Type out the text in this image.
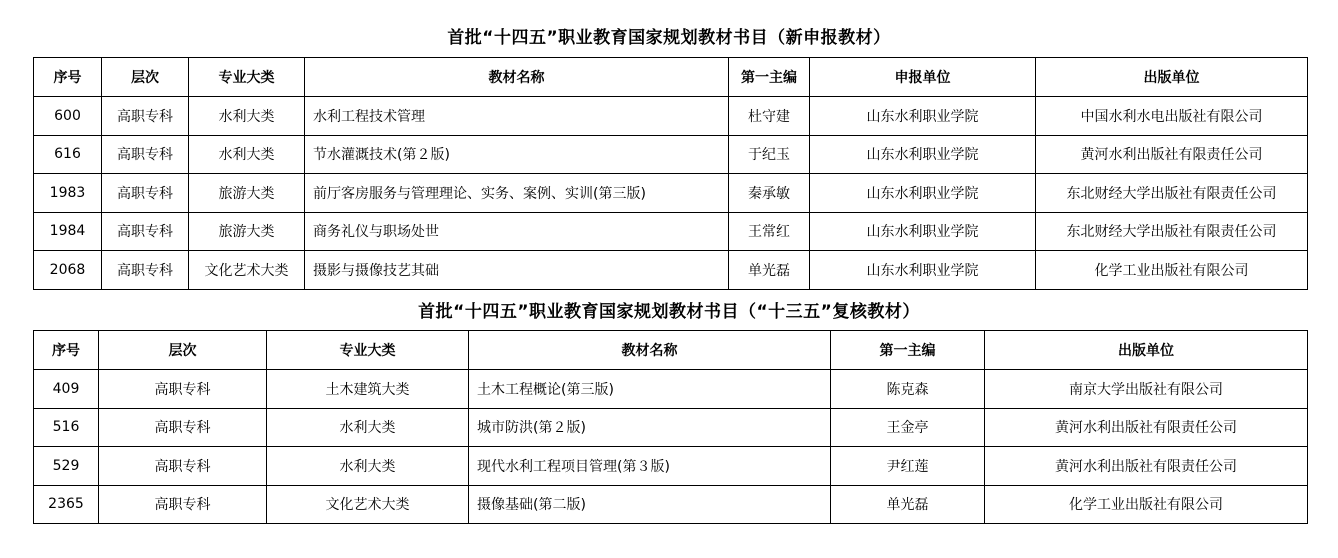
首批“十四五”职业教育国家规划教材书目（新申报教材）
序号	层次	专业大类	教材名称	第一主编	申报单位	出版单位
600	高职专科	水利大类	水利工程技术管理	杜守建	山东水利职业学院	中国水利水电出版社有限公司
616	高职专科	水利大类	节水灌溉技术(第２版)	于纪玉	山东水利职业学院	黄河水利出版社有限责任公司
1983	高职专科	旅游大类	前厅客房服务与管理理论、实务、案例、实训(第三版)	秦承敏	山东水利职业学院	东北财经大学出版社有限责任公司
1984	高职专科	旅游大类	商务礼仪与职场处世	王常红	山东水利职业学院	东北财经大学出版社有限责任公司
2068	高职专科	文化艺术大类	摄影与摄像技艺其础	单光磊	山东水利职业学院	化学工业出版社有限公司
首批“十四五”职业教育国家规划教材书目（“十三五”复核教材）
序号	层次	专业大类	教材名称	第一主编	出版单位
409	高职专科	土木建筑大类	土木工程概论(第三版)	陈克森	南京大学出版社有限公司
516	高职专科	水利大类	城市防洪(第２版)	王金亭	黄河水利出版社有限责任公司
529	高职专科	水利大类	现代水利工程项目管理(第３版)	尹红莲	黄河水利出版社有限责任公司
2365	高职专科	文化艺术大类	摄像基础(第二版)	单光磊	化学工业出版社有限公司
